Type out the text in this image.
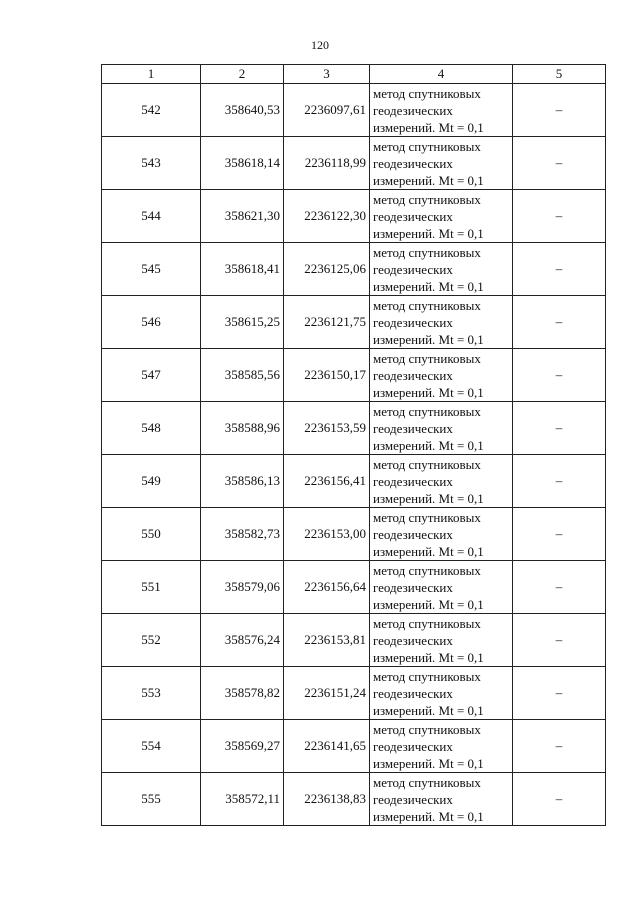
120
1	2	3	4	5
542	358640,53	2236097,61	метод спутниковых
геодезических
измерений. Mt = 0,1	–
543	358618,14	2236118,99	метод спутниковых
геодезических
измерений. Mt = 0,1	–
544	358621,30	2236122,30	метод спутниковых
геодезических
измерений. Mt = 0,1	–
545	358618,41	2236125,06	метод спутниковых
геодезических
измерений. Mt = 0,1	–
546	358615,25	2236121,75	метод спутниковых
геодезических
измерений. Mt = 0,1	–
547	358585,56	2236150,17	метод спутниковых
геодезических
измерений. Mt = 0,1	–
548	358588,96	2236153,59	метод спутниковых
геодезических
измерений. Mt = 0,1	–
549	358586,13	2236156,41	метод спутниковых
геодезических
измерений. Mt = 0,1	–
550	358582,73	2236153,00	метод спутниковых
геодезических
измерений. Mt = 0,1	–
551	358579,06	2236156,64	метод спутниковых
геодезических
измерений. Mt = 0,1	–
552	358576,24	2236153,81	метод спутниковых
геодезических
измерений. Mt = 0,1	–
553	358578,82	2236151,24	метод спутниковых
геодезических
измерений. Mt = 0,1	–
554	358569,27	2236141,65	метод спутниковых
геодезических
измерений. Mt = 0,1	–
555	358572,11	2236138,83	метод спутниковых
геодезических
измерений. Mt = 0,1	–
